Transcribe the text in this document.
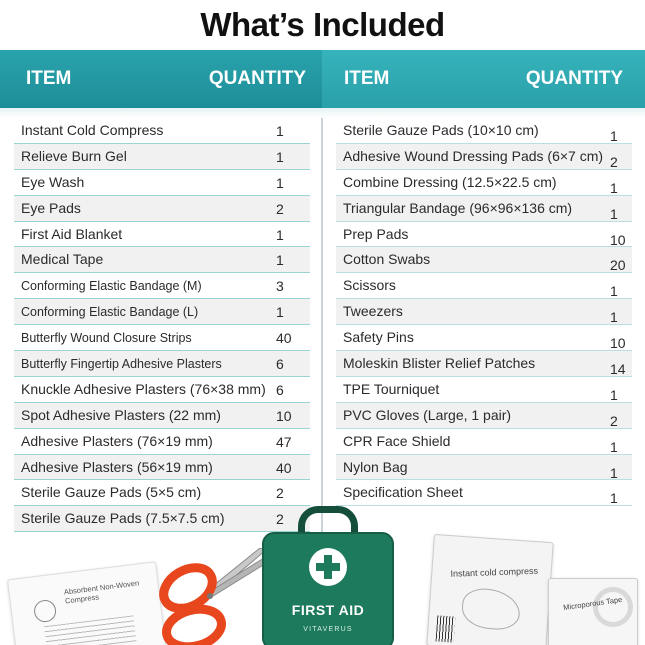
What’s Included
ITEM	QUANTITY ITEM	QUANTITY
Instant Cold Compress	1
Relieve Burn Gel	1
Eye Wash	1
Eye Pads	2
First Aid Blanket	1
Medical Tape	1
Conforming Elastic Bandage (M)	3
Conforming Elastic Bandage (L)	1
Butterfly Wound Closure Strips	40
Butterfly Fingertip Adhesive Plasters	6
Knuckle Adhesive Plasters (76×38 mm) 6
Spot Adhesive Plasters (22 mm)	10
Adhesive Plasters (76×19 mm)	47
Adhesive Plasters (56×19 mm)	40
Sterile Gauze Pads (5×5 cm)	2
Sterile Gauze Pads (7.5×7.5 cm)	2
Sterile Gauze Pads (10×10 cm)	1
Adhesive Wound Dressing Pads (6×7 cm) 2
Combine Dressing (12.5×22.5 cm)	1
Triangular Bandage (96×96×136 cm)	1
Prep Pads	10
Cotton Swabs	20
Scissors	1
Tweezers	1
Safety Pins	10
Moleskin Blister Relief Patches	14
TPE Tourniquet	1
PVC Gloves (Large, 1 pair)	2
CPR Face Shield	1
Nylon Bag	1
Specification Sheet	1
Absorbent Non-Woven Compress
FIRST AID
VITAVERUS
Instant cold compress
Microporous Tape
